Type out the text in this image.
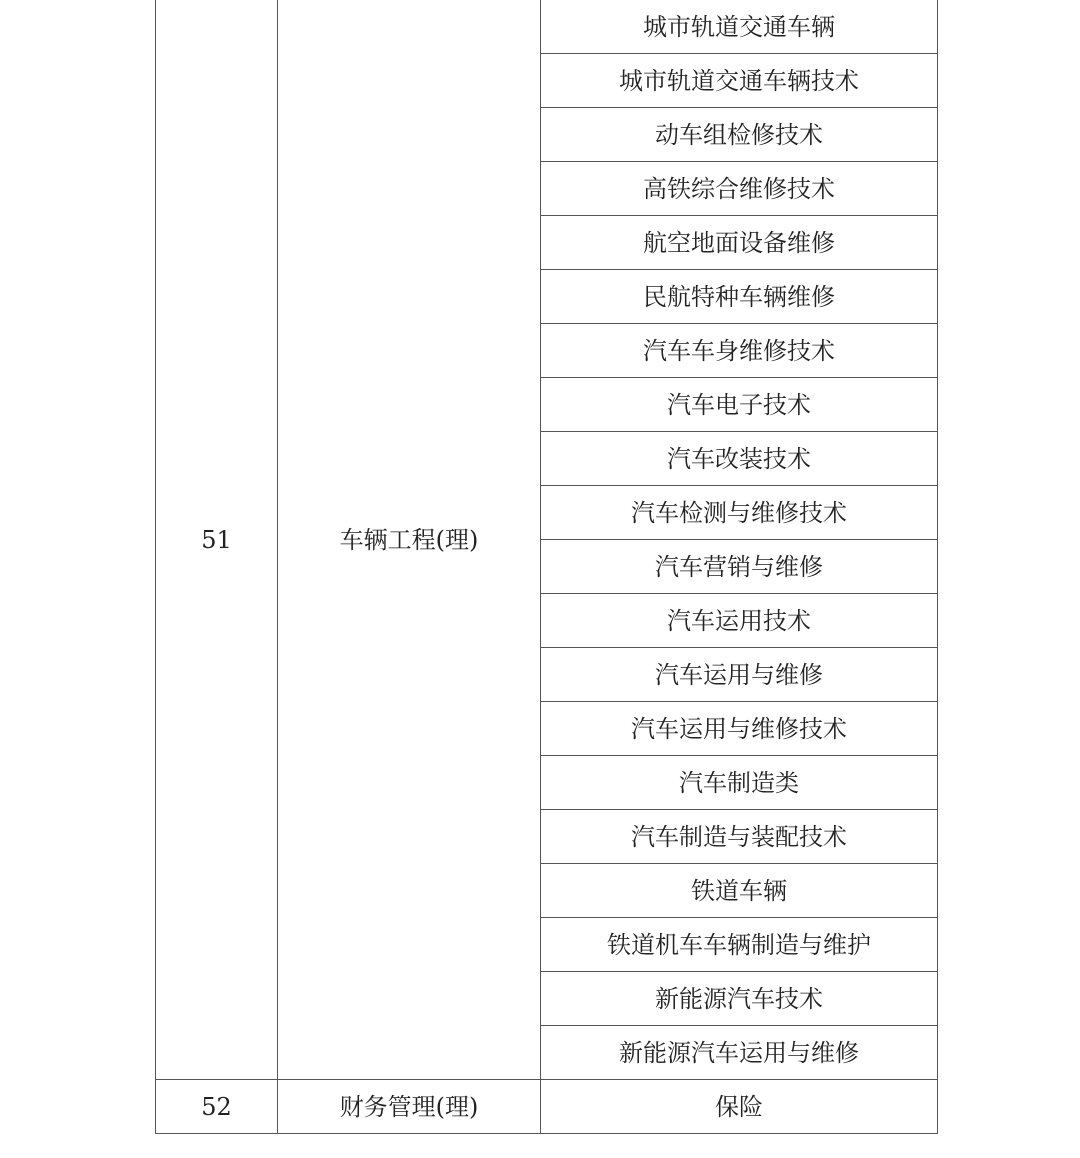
51	车辆工程(理)	城市轨道交通车辆
		城市轨道交通车辆技术
		动车组检修技术
		高铁综合维修技术
		航空地面设备维修
		民航特种车辆维修
		汽车车身维修技术
		汽车电子技术
		汽车改装技术
		汽车检测与维修技术
		汽车营销与维修
		汽车运用技术
		汽车运用与维修
		汽车运用与维修技术
		汽车制造类
		汽车制造与装配技术
		铁道车辆
		铁道机车车辆制造与维护
		新能源汽车技术
		新能源汽车运用与维修
52	财务管理(理)	保险
